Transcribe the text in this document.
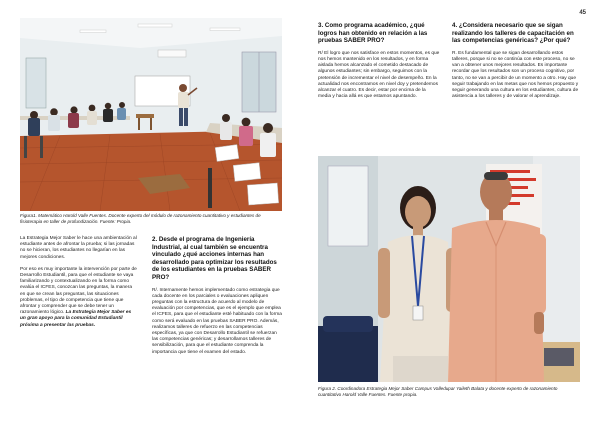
45
Figura1. Matemático Harold Valle Fuentes. Docente experto del módulo de razonamiento cuantitativo y estudiantes de fisioterapia en taller de profundización. Fuente: Propia.

La Estrategia Mejor Saber le hace una ambientación al estudiante antes de afrontar la prueba; si las jornadas no se hicieran, los estudiantes no llegarían en las mejores condiciones.

Por eso es muy importante la intervención por parte de Desarrollo Estudiantil, para que el estudiante se vaya familiarizando y contextualizando en la forma como evalúa el ICFES, conozcan las preguntas, la manera en que se crean las preguntas, las situaciones problemas, el tipo de competencia que tiene que afrontar y comprender que se debe tener un razonamiento lógico. La Estrategia Mejor Saber es un gran apoyo para la comunidad Estudiantil próxima a presentar las pruebas.

2. Desde el programa de Ingeniería Industrial, al cual también se encuentra vinculado ¿qué acciones internas han desarrollado para optimizar los resultados de los estudiantes en la pruebas SABER PRO?

R/. Internamente hemos implementado como estrategia que cada docente en los parciales o evaluaciones apliquen preguntas con la estructura de acuerdo al modelo de evaluación por competencias, que es el ejemplo que emplea el ICFES, para que el estudiante esté habituado con la forma como será evaluado en las pruebas SABER PRO. Además, realizamos talleres de refuerzo en las competencias específicas, ya que con Desarrollo Estudiantil se refuerzan las competencias genéricas; y desarrollamos talleres de sensibilización, para que el estudiante comprenda la importancia que tiene el examen del estado.

3. Como programa académico, ¿qué logros han obtenido en relación a las pruebas SABER PRO?

R/ El logro que nos satisface en estos momentos, es que nos hemos mantenido en los resultados, y en forma aislada hemos alcanzado el cometido destacado de algunos estudiantes; sin embargo, seguimos con la pretensión de incrementar el nivel de desempeño. En la actualidad nos encontramos en nivel doy y pretendemos alcanzar el cuatro. Es decir, estar por encima de la media y hacia allá es que estamos apuntando.

4. ¿Considera necesario que se sigan realizando los talleres de capacitación en las competencias genéricas? ¿Por qué?

R. Es fundamental que se sigan desarrollando estos talleres, porque si no se continúa con este proceso, no se van a obtener unos mejores resultados. Es importante recordar que los resultados son un proceso cognitivo, por tanto, no se van a percibir de un momento a otro. Hay que seguir trabajando en las metas que nos hemos propuesto y seguir generando una cultura en los estudiantes, cultura de asistencia a los talleres y de valorar el aprendizaje.

Figura 2. Coordinadora Estrategia Mejor Saber Campus Valledupar Yaileth Balata y docente experto de razonamiento cuantitativo Harold Valle Fuentes. Fuente propia.
